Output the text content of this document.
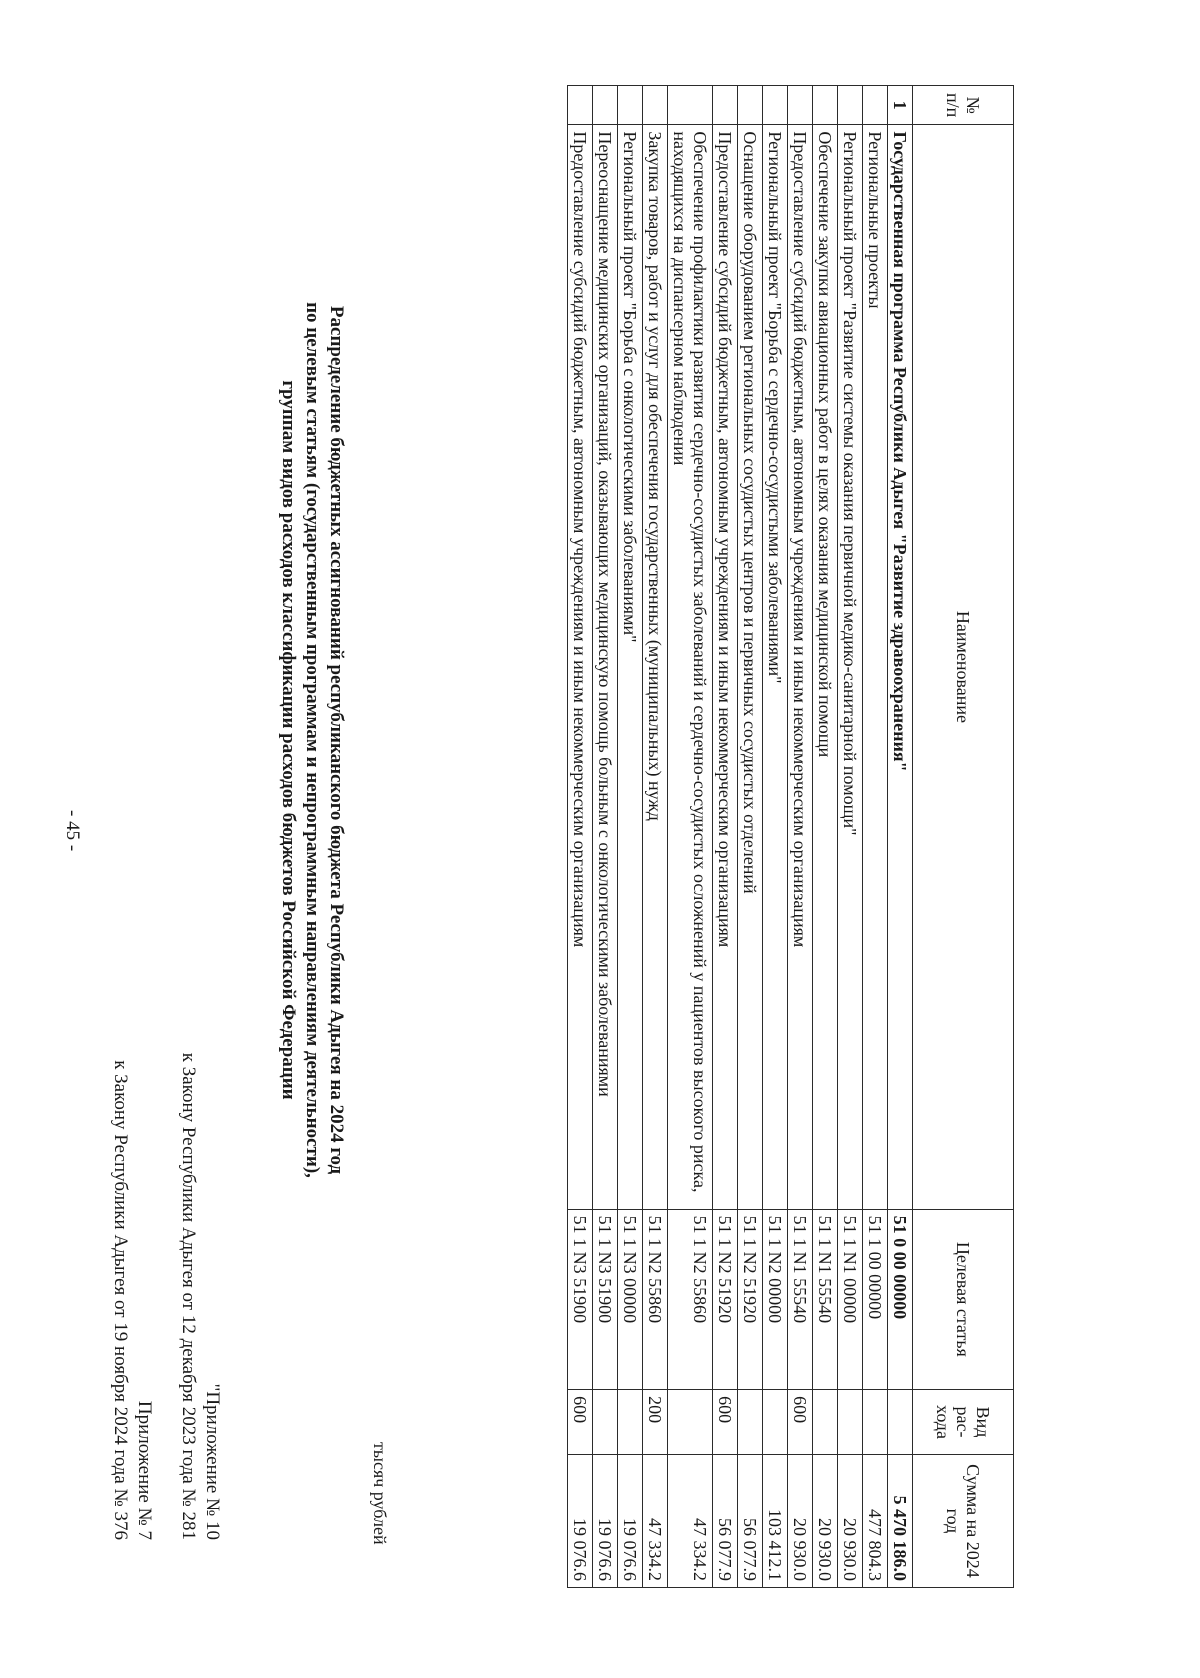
- 45 -
Приложение № 7
к Закону Республики Адыгея от 19 ноября 2024 года № 376	"Приложение № 10
к Закону Республики Адыгея от 12 декабря 2023 года № 281
Распределение бюджетных ассигнований республиканского бюджета Республики Адыгея на 2024 год
по целевым статьям (государственным программам и непрограммным направлениям деятельности),
группам видов расходов классификации расходов бюджетов Российской Федерации
тысяч рублей
№ п/п	Наименование	Целевая статья	Вид рас-хода	Сумма на 2024 год
1	Государственная программа Республики Адыгея "Развитие здравоохранения"	51 0 00 00000		5 470 186.0
	Региональные проекты	51 1 00 00000		477 804.3
	Региональный проект "Развитие системы оказания первичной медико-санитарной помощи"	51 1 N1 00000		20 930.0
	Обеспечение закупки авиационных работ в целях оказания медицинской помощи	51 1 N1 55540		20 930.0
	Предоставление субсидий бюджетным, автономным учреждениям и иным некоммерческим организациям	51 1 N1 55540	600	20 930.0
	Региональный проект "Борьба с сердечно-сосудистыми заболеваниями"	51 1 N2 00000		103 412.1
	Оснащение оборудованием региональных сосудистых центров и первичных сосудистых отделений	51 1 N2 51920		56 077.9
	Предоставление субсидий бюджетным, автономным учреждениям и иным некоммерческим организациям	51 1 N2 51920	600	56 077.9
	Обеспечение профилактики развития сердечно-сосудистых заболеваний и сердечно-сосудистых осложнений у пациентов высокого риска, находящихся на диспансерном наблюдении	51 1 N2 55860		47 334.2
	Закупка товаров, работ и услуг для обеспечения государственных (муниципальных) нужд	51 1 N2 55860	200	47 334.2
	Региональный проект "Борьба с онкологическими заболеваниями"	51 1 N3 00000		19 076.6
	Переоснащение медицинских организаций, оказывающих медицинскую помощь больным с онкологическими заболеваниями	51 1 N3 51900		19 076.6
	Предоставление субсидий бюджетным, автономным учреждениям и иным некоммерческим организациям	51 1 N3 51900	600	19 076.6
